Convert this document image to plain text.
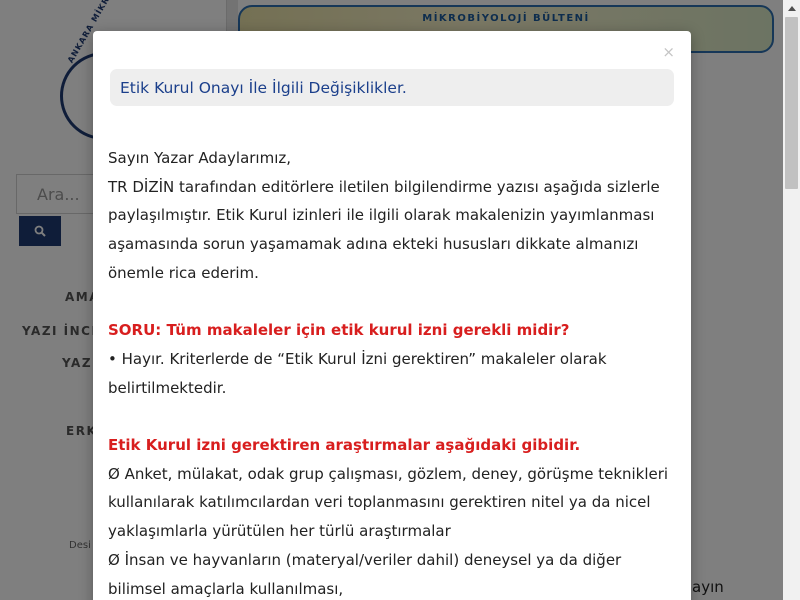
×
Etik Kurul Onayı İle İlgili Değişiklikler.

Sayın Yazar Adaylarımız,

TR DİZİN tarafından editörlere iletilen bilgilendirme yazısı aşağıda sizlerle

paylaşılmıştır. Etik Kurul izinleri ile ilgili olarak makalenizin yayımlanması

aşamasında sorun yaşamamak adına ekteki hususları dikkate almanızı

önemle rica ederim.

SORU: Tüm makaleler için etik kurul izni gerekli midir?

• Hayır. Kriterlerde de “Etik Kurul İzni gerektiren” makaleler olarak

belirtilmektedir.

Etik Kurul izni gerektiren araştırmalar aşağıdaki gibidir.

Ø Anket, mülakat, odak grup çalışması, gözlem, deney, görüşme teknikleri

kullanılarak katılımcılardan veri toplanmasını gerektiren nitel ya da nicel

yaklaşımlarla yürütülen her türlü araştırmalar

Ø İnsan ve hayvanların (materyal/veriler dahil) deneysel ya da diğer

bilimsel amaçlarla kullanılması,
